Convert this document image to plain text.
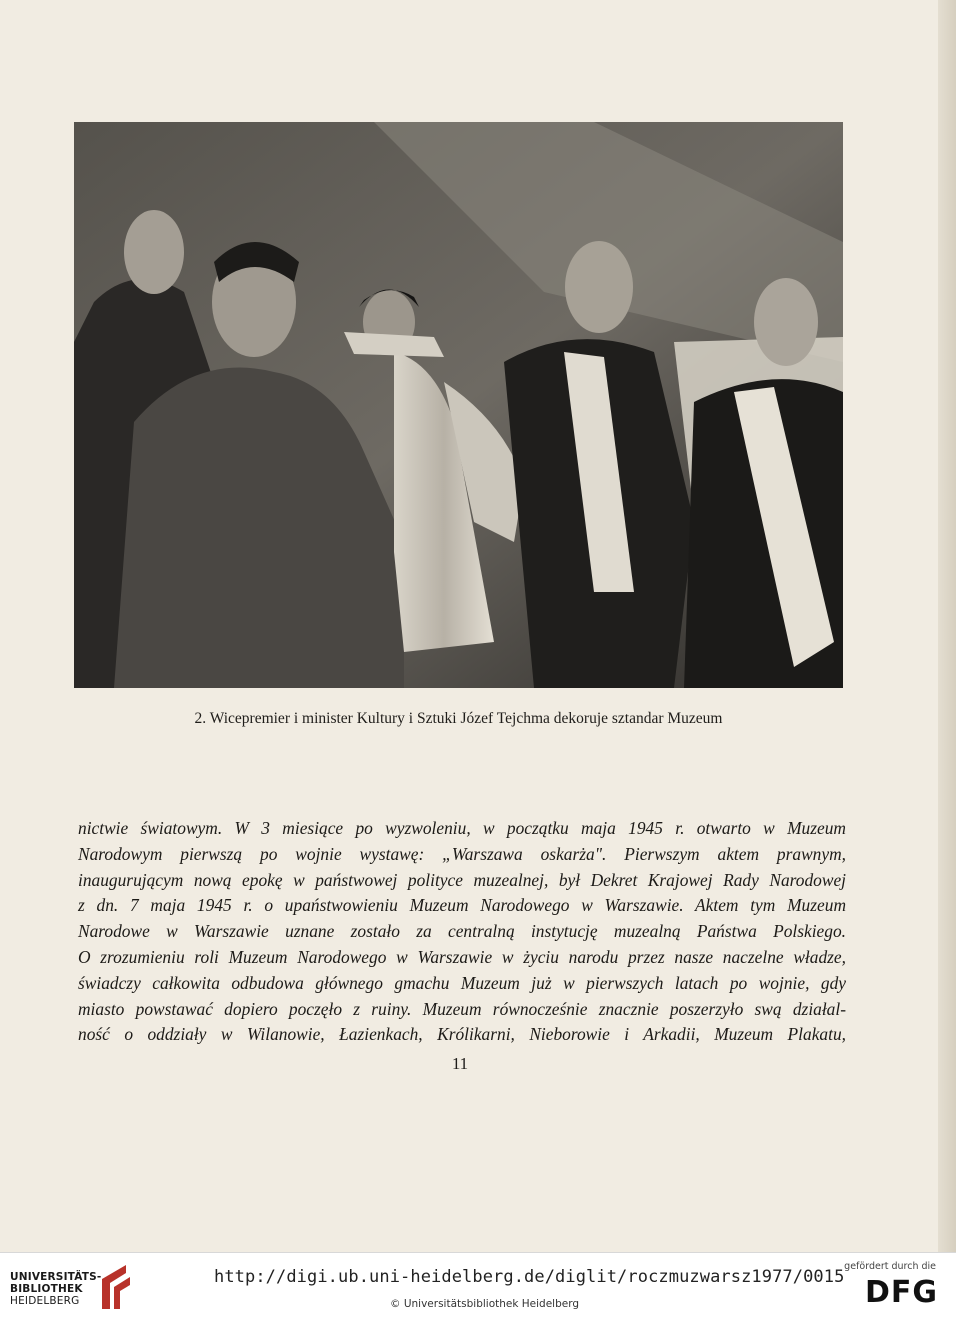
2. Wicepremier i minister Kultury i Sztuki Józef Tejchma dekoruje sztandar Muzeum
nictwie światowym. W 3 miesiące po wyzwoleniu, w początku maja 1945 r. otwarto w Muzeum
Narodowym pierwszą po wojnie wystawę: „Warszawa oskarża". Pierwszym aktem prawnym,
inaugurującym nową epokę w państwowej polityce muzealnej, był Dekret Krajowej Rady Narodowej
z dn. 7 maja 1945 r. o upaństwowieniu Muzeum Narodowego w Warszawie. Aktem tym Muzeum
Narodowe w Warszawie uznane zostało za centralną instytucję muzealną Państwa Polskiego.
O zrozumieniu roli Muzeum Narodowego w Warszawie w życiu narodu przez nasze naczelne władze,
świadczy całkowita odbudowa głównego gmachu Muzeum już w pierwszych latach po wojnie, gdy
miasto powstawać dopiero poczęło z ruiny. Muzeum równocześnie znacznie poszerzyło swą działal-
ność o oddziały w Wilanowie, Łazienkach, Królikarni, Nieborowie i Arkadii, Muzeum Plakatu,
11
UNIVERSITÄTS-
BIBLIOTHEK
HEIDELBERG
http://digi.ub.uni-heidelberg.de/diglit/roczmuzwarsz1977/0015
© Universitätsbibliothek Heidelberg
gefördert durch die
DFG
